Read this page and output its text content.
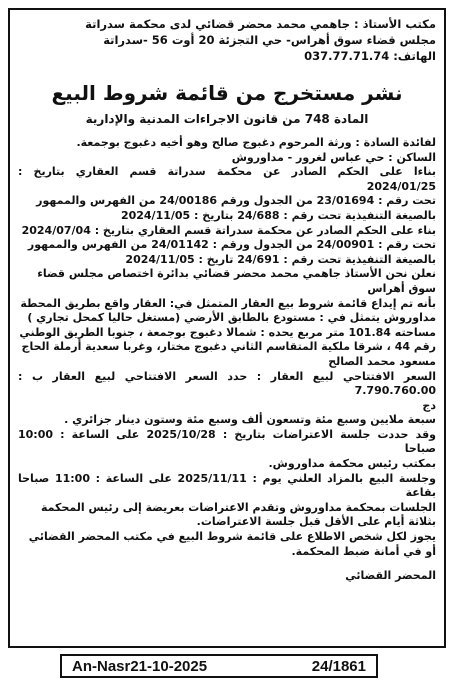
مكتب الأستاذ : جاهمي محمد محضر قضائي لدى محكمة سدراتة
مجلس قضاء سوق أهراس- حي التجزئة 20 أوت 56 -سدراتة
الهاتف: 037.77.71.74
نشر مستخرج من قائمة شروط البيع
المادة 748 من قانون الاجراءات المدنية والإدارية

لفائدة السادة : ورثة المرحوم دغبوج صالح وهو أخيه دغبوج بوجمعة.

الساكن : حي عباس لغرور - مداوروش

بناءا على الحكم الصادر عن محكمة سدراتة قسم العقاري بتاريخ : 2024/01/25

تحت رقم : 23/01694 من الجدول ورقم 24/00186 من الفهرس والممهور

بالصيغة التنفيذية تحت رقم : 24/688 بتاريخ : 2024/11/05

بناء على الحكم الصادر عن محكمة سدراتة قسم العقاري بتاريخ : 2024/07/04

تحت رقم : 24/00901 من الجدول ورقم : 24/01142 من الفهرس والممهور

بالصيغة التنفيذية تحت رقم : 24/691 تاريخ : 2024/11/05

نعلن نحن الأستاذ جاهمي محمد محضر قضائي بدائرة اختصاص مجلس قضاء

سوق أهراس

بأنه تم إيداع قائمة شروط بيع العقار المتمثل في: العقار واقع بطريق المحطة

مداوروش يتمثل في : مستودع بالطابق الأرضي (مستغل حاليا كمحل تجاري )

مساحته 101.84 متر مربع يحده : شمالا دغبوج بوجمعة ، جنوبا الطريق الوطني

رقم 44 ، شرقا ملكية المتقاسم الثاني دغبوج مختار، وغربا سعدية أرملة الحاج

مسعود محمد الصالح

السعر الافتتاحي لبيع العقار : حدد السعر الافتتاحي لبيع العقار ب : 7.790.760.00

دج

سبعة ملايين وسبع مئة وتسعون ألف وسبع مئة وستون دينار جزائري .

وقد حددت جلسة الاعتراضات بتاريخ : 2025/10/28 على الساعة : 10:00 صباحا

بمكتب رئيس محكمة مداوروش.

وجلسة البيع بالمزاد العلني يوم : 2025/11/11 على الساعة : 11:00 صباحا بقاعة

الجلسات بمحكمة مداوروش وتقدم الاعتراضات بعريضة إلى رئيس المحكمة

بثلاثة أيام على الأقل قبل جلسة الاعتراضات.

يجوز لكل شخص الاطلاع على قائمة شروط البيع في مكتب المحضر القضائي

أو في أمانة ضبط المحكمة.

المحضر القضائي
An-Nasr21-10-2025	24/1861
